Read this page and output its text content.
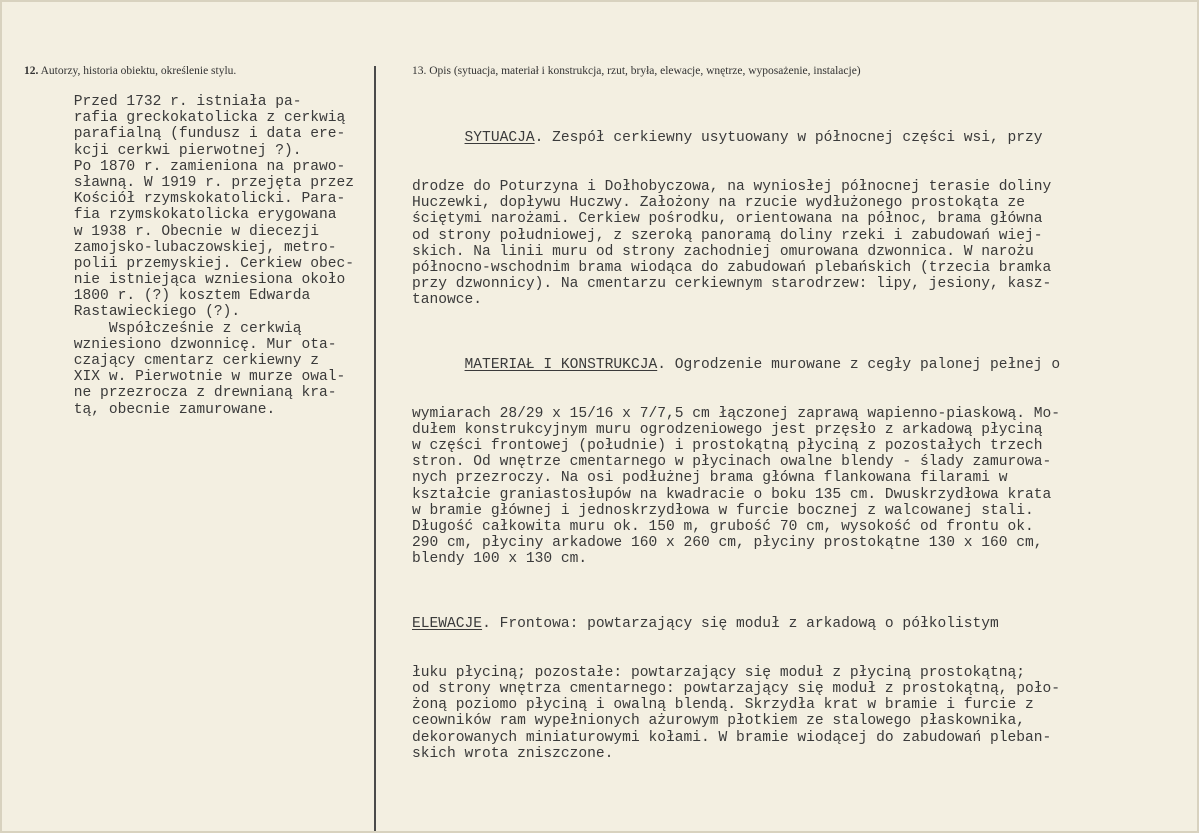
12. Autorzy, historia obiektu, określenie stylu.	13. Opis (sytuacja, materiał i konstrukcja, rzut, bryła, elewacje, wnętrze, wyposażenie, instalacje)
Przed 1732 r. istniała pa-
rafia greckokatolicka z cerkwią
parafialną (fundusz i data ere-
kcji cerkwi pierwotnej ?).
Po 1870 r. zamieniona na prawo-
sławną. W 1919 r. przejęta przez
Kościół rzymskokatolicki. Para-
fia rzymskokatolicka erygowana
w 1938 r. Obecnie w diecezji
zamojsko-lubaczowskiej, metro-
polii przemyskiej. Cerkiew obec-
nie istniejąca wzniesiona około
1800 r. (?) kosztem Edwarda
Rastawieckiego (?).
Współcześnie z cerkwią
wzniesiono dzwonnicę. Mur ota-
czający cmentarz cerkiewny z
XIX w. Pierwotnie w murze owal-
ne przezrocza z drewnianą kra-
tą, obecnie zamurowane.

SYTUACJA. Zespół cerkiewny usytuowany w północnej części wsi, przy

drodze do Poturzyna i Dołhobyczowa, na wyniosłej północnej terasie doliny
Huczewki, dopływu Huczwy. Założony na rzucie wydłużonego prostokąta ze
ściętymi narożami. Cerkiew pośrodku, orientowana na północ, brama główna
od strony południowej, z szeroką panoramą doliny rzeki i zabudowań wiej-
skich. Na linii muru od strony zachodniej omurowana dzwonnica. W narożu
północno-wschodnim brama wiodąca do zabudowań plebańskich (trzecia bramka
przy dzwonnicy). Na cmentarzu cerkiewnym starodrzew: lipy, jesiony, kasz-
tanowce.

MATERIAŁ I KONSTRUKCJA. Ogrodzenie murowane z cegły palonej pełnej o

wymiarach 28/29 x 15/16 x 7/7,5 cm łączonej zaprawą wapienno-piaskową. Mo-
dułem konstrukcyjnym muru ogrodzeniowego jest przęsło z arkadową płyciną
w części frontowej (południe) i prostokątną płyciną z pozostałych trzech
stron. Od wnętrze cmentarnego w płycinach owalne blendy - ślady zamurowa-
nych przezroczy. Na osi podłużnej brama główna flankowana filarami w
kształcie graniastosłupów na kwadracie o boku 135 cm. Dwuskrzydłowa krata
w bramie głównej i jednoskrzydłowa w furcie bocznej z walcowanej stali.
Długość całkowita muru ok. 150 m, grubość 70 cm, wysokość od frontu ok.
290 cm, płyciny arkadowe 160 x 260 cm, płyciny prostokątne 130 x 160 cm,
blendy 100 x 130 cm.

ELEWACJE. Frontowa: powtarzający się moduł z arkadową o półkolistym

łuku płyciną; pozostałe: powtarzający się moduł z płyciną prostokątną;
od strony wnętrza cmentarnego: powtarzający się moduł z prostokątną, poło-
żoną poziomo płyciną i owalną blendą. Skrzydła krat w bramie i furcie z
ceowników ram wypełnionych ażurowym płotkiem ze stalowego płaskownika,
dekorowanych miniaturowymi kołami. W bramie wiodącej do zabudowań pleban-
skich wrota zniszczone.
